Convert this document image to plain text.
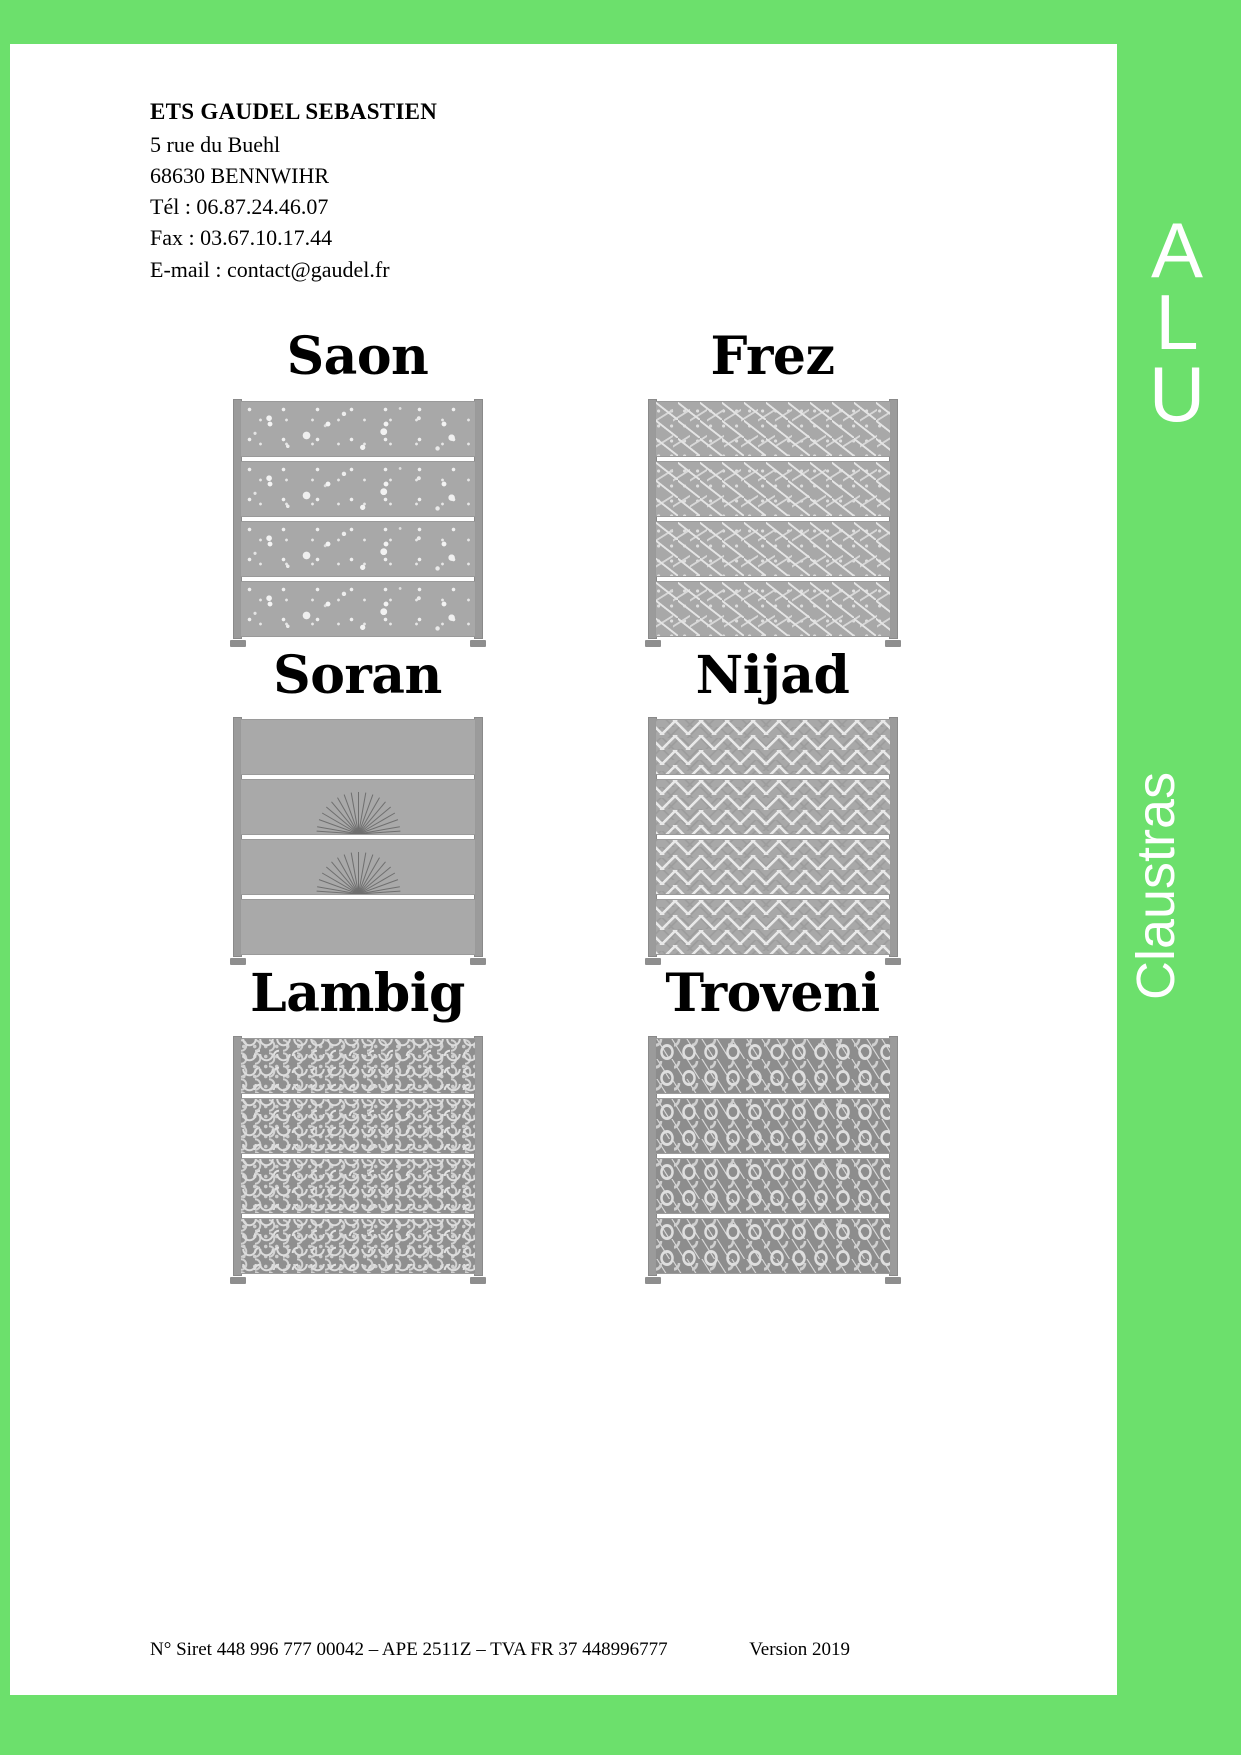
A
L
U
Claustras
ETS GAUDEL SEBASTIEN
5 rue du Buehl
68630 BENNWIHR
Tél : 06.87.24.46.07
Fax : 03.67.10.17.44
E-mail : contact@gaudel.fr
Saon	Frez
Soran	Nijad
Lambig	Troveni
N° Siret 448 996 777 00042 – APE 2511Z – TVA FR 37 448996777	Version 2019
